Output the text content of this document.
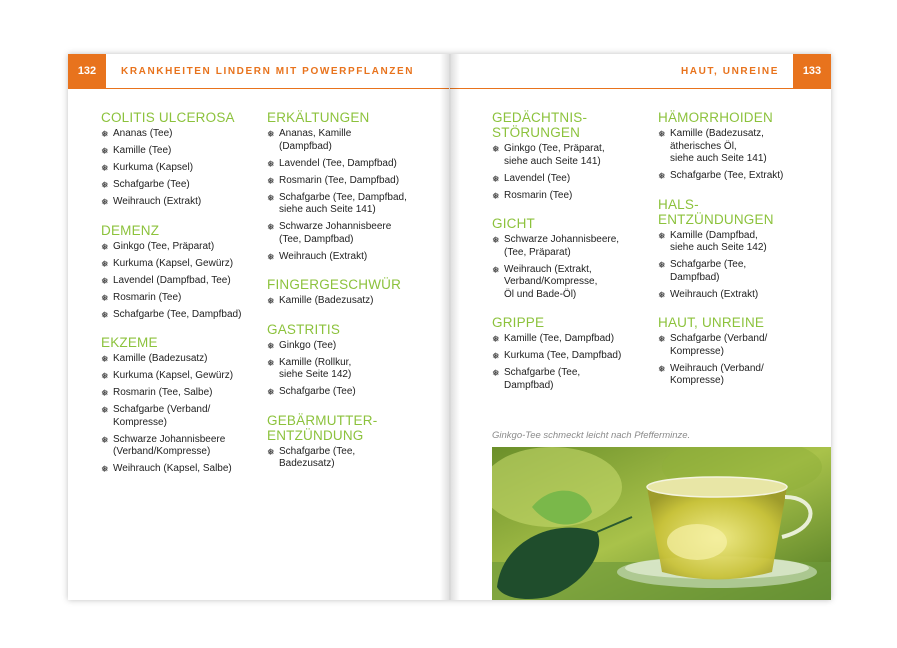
132	KRANKHEITEN LINDERN MIT POWERPFLANZEN
COLITIS ULCEROSA
❅ Ananas (Tee)
❅ Kamille (Tee)
❅ Kurkuma (Kapsel)
❅ Schafgarbe (Tee)
❅ Weihrauch (Extrakt)
DEMENZ
❅ Ginkgo (Tee, Präparat)
❅ Kurkuma (Kapsel, Gewürz)
❅ Lavendel (Dampfbad, Tee)
❅ Rosmarin (Tee)
❅ Schafgarbe (Tee, Dampfbad)
EKZEME
❅ Kamille (Badezusatz)
❅ Kurkuma (Kapsel, Gewürz)
❅ Rosmarin (Tee, Salbe)
❅ Schafgarbe (Verband/
Kompresse)
❅ Schwarze Johannisbeere
(Verband/Kompresse)
❅ Weihrauch (Kapsel, Salbe)
ERKÄLTUNGEN
❅ Ananas, Kamille
(Dampfbad)
❅ Lavendel (Tee, Dampfbad)
❅ Rosmarin (Tee, Dampfbad)
❅ Schafgarbe (Tee, Dampfbad,
siehe auch Seite 141)
❅ Schwarze Johannisbeere
(Tee, Dampfbad)
❅ Weihrauch (Extrakt)
FINGERGESCHWÜR
❅ Kamille (Badezusatz)
GASTRITIS
❅ Ginkgo (Tee)
❅ Kamille (Rollkur,
siehe Seite 142)
❅ Schafgarbe (Tee)
GEBÄRMUTTER-
ENTZÜNDUNG
❅ Schafgarbe (Tee,
Badezusatz)
133
HAUT, UNREINE
GEDÄCHTNIS-
STÖRUNGEN
❅ Ginkgo (Tee, Präparat,
siehe auch Seite 141)
❅ Lavendel (Tee)
❅ Rosmarin (Tee)
GICHT
❅ Schwarze Johannisbeere,
(Tee, Präparat)
❅ Weihrauch (Extrakt,
Verband/Kompresse,
Öl und Bade-Öl)
GRIPPE
❅ Kamille (Tee, Dampfbad)
❅ Kurkuma (Tee, Dampfbad)
❅ Schafgarbe (Tee,
Dampfbad)
HÄMORRHOIDEN
❅ Kamille (Badezusatz,
ätherisches Öl,
siehe auch Seite 141)
❅ Schafgarbe (Tee, Extrakt)
HALS-
ENTZÜNDUNGEN
❅ Kamille (Dampfbad,
siehe auch Seite 142)
❅ Schafgarbe (Tee,
Dampfbad)
❅ Weihrauch (Extrakt)
HAUT, UNREINE
❅ Schafgarbe (Verband/
Kompresse)
❅ Weihrauch (Verband/
Kompresse)
Ginkgo-Tee schmeckt leicht nach Pfefferminze.
